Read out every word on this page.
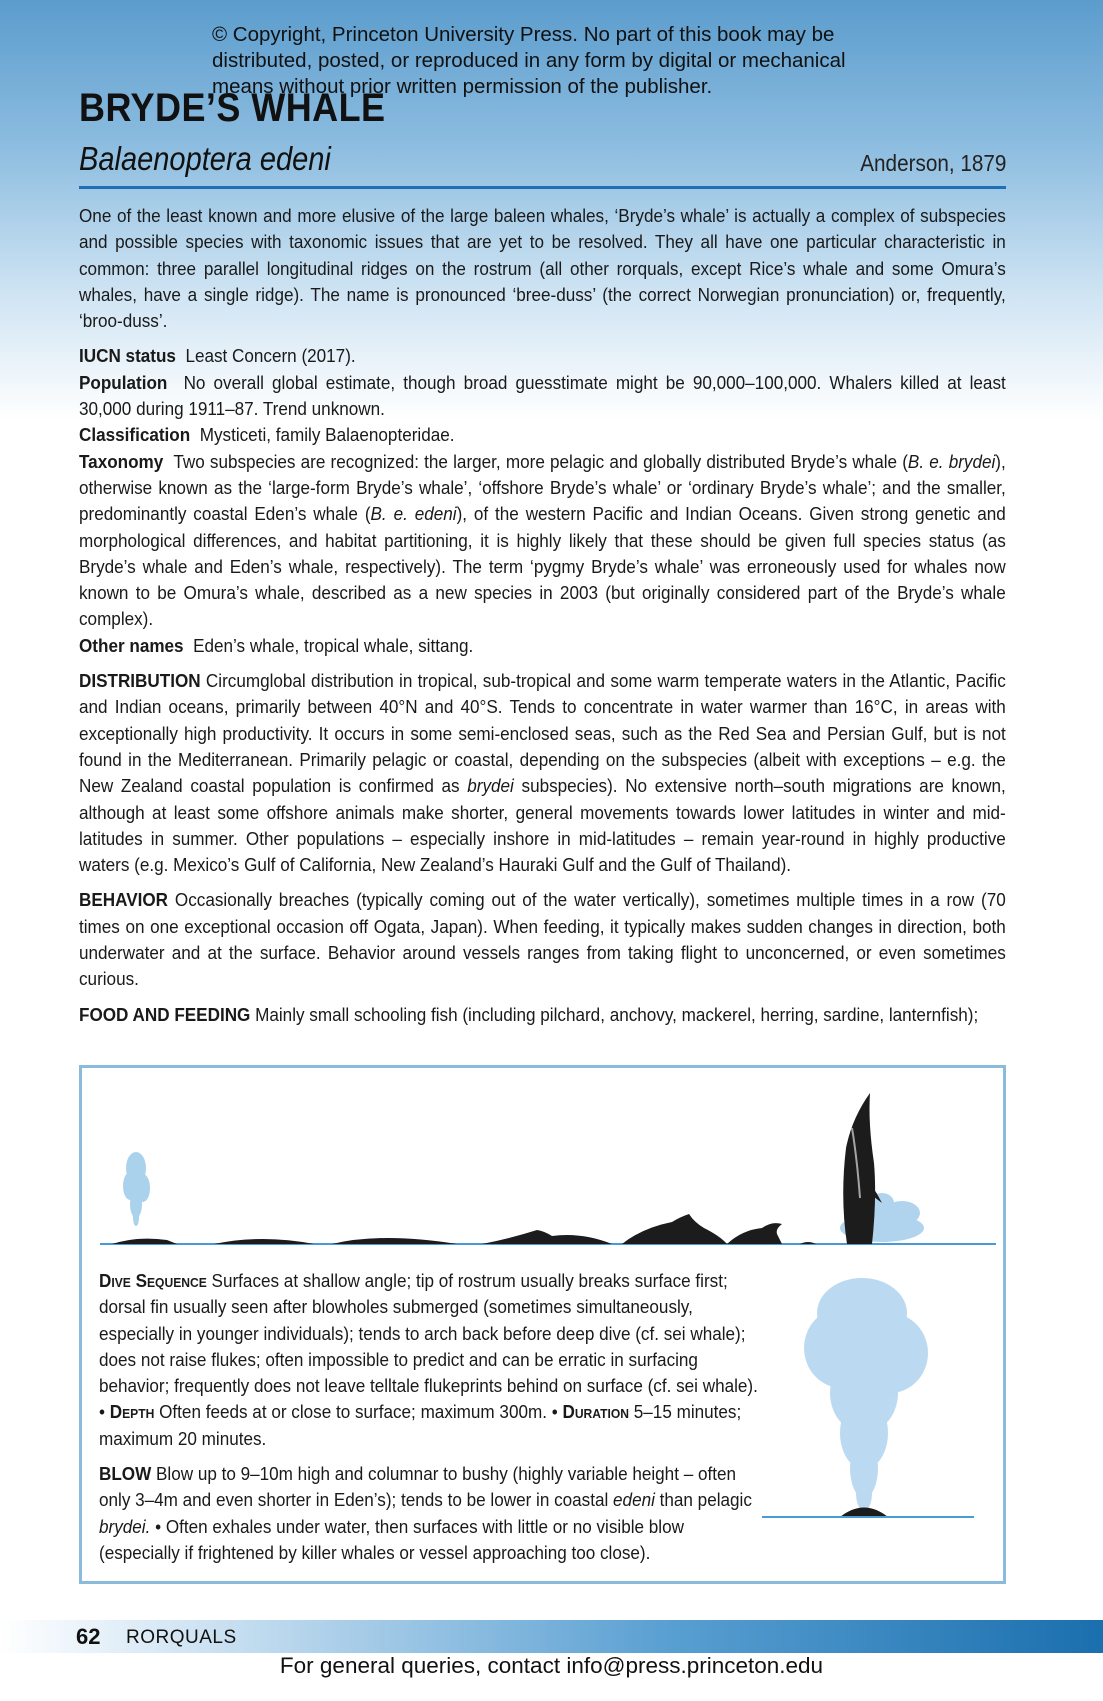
© Copyright, Princeton University Press. No part of this book may be distributed, posted, or reproduced in any form by digital or mechanical means without prior written permission of the publisher.
BRYDE’S WHALE
Balaenoptera edeni	Anderson, 1879

One of the least known and more elusive of the large baleen whales, ‘Bryde’s whale’ is actually a complex of subspecies and possible species with taxonomic issues that are yet to be resolved. They all have one particular characteristic in common: three parallel longitudinal ridges on the rostrum (all other rorquals, except Rice’s whale and some Omura’s whales, have a single ridge). The name is pronounced ‘bree-duss’ (the correct Norwegian pronunciation) or, frequently, ‘broo-duss’.

IUCN status Least Concern (2017).

Population No overall global estimate, though broad guesstimate might be 90,000–100,000. Whalers killed at least 30,000 during 1911–87. Trend unknown.

Classification Mysticeti, family Balaenopteridae.

Taxonomy Two subspecies are recognized: the larger, more pelagic and globally distributed Bryde’s whale (B. e. brydei), otherwise known as the ‘large-form Bryde’s whale’, ‘offshore Bryde’s whale’ or ‘ordinary Bryde’s whale’; and the smaller, predominantly coastal Eden’s whale (B. e. edeni), of the western Pacific and Indian Oceans. Given strong genetic and morphological differences, and habitat partitioning, it is highly likely that these should be given full species status (as Bryde’s whale and Eden’s whale, respectively). The term ‘pygmy Bryde’s whale’ was erroneously used for whales now known to be Omura’s whale, described as a new species in 2003 (but originally considered part of the Bryde’s whale complex).

Other names Eden’s whale, tropical whale, sittang.

DISTRIBUTION Circumglobal distribution in tropical, sub-tropical and some warm temperate waters in the Atlantic, Pacific and Indian oceans, primarily between 40°N and 40°S. Tends to concentrate in water warmer than 16°C, in areas with exceptionally high productivity. It occurs in some semi-enclosed seas, such as the Red Sea and Persian Gulf, but is not found in the Mediterranean. Primarily pelagic or coastal, depending on the subspecies (albeit with exceptions – e.g. the New Zealand coastal population is confirmed as brydei subspecies). No extensive north–south migrations are known, although at least some offshore animals make shorter, general movements towards lower latitudes in winter and mid-latitudes in summer. Other populations – especially inshore in mid-latitudes – remain year-round in highly productive waters (e.g. Mexico’s Gulf of California, New Zealand’s Hauraki Gulf and the Gulf of Thailand).

BEHAVIOR Occasionally breaches (typically coming out of the water vertically), sometimes multiple times in a row (70 times on one exceptional occasion off Ogata, Japan). When feeding, it typically makes sudden changes in direction, both underwater and at the surface. Behavior around vessels ranges from taking flight to unconcerned, or even sometimes curious.

FOOD AND FEEDING Mainly small schooling fish (including pilchard, anchovy, mackerel, herring, sardine, lanternfish);

Dive Sequence Surfaces at shallow angle; tip of rostrum usually breaks surface first; dorsal fin usually seen after blowholes submerged (sometimes simultaneously, especially in younger individuals); tends to arch back before deep dive (cf. sei whale); does not raise flukes; often impossible to predict and can be erratic in surfacing behavior; frequently does not leave telltale flukeprints behind on surface (cf. sei whale). • Depth Often feeds at or close to surface; maximum 300m. • Duration 5–15 minutes; maximum 20 minutes.

BLOW Blow up to 9–10m high and columnar to bushy (highly variable height – often only 3–4m and even shorter in Eden’s); tends to be lower in coastal edeni than pelagic brydei. • Often exhales under water, then surfaces with little or no visible blow (especially if frightened by killer whales or vessel approaching too close).

62 RORQUALS
For general queries, contact info@press.princeton.edu
